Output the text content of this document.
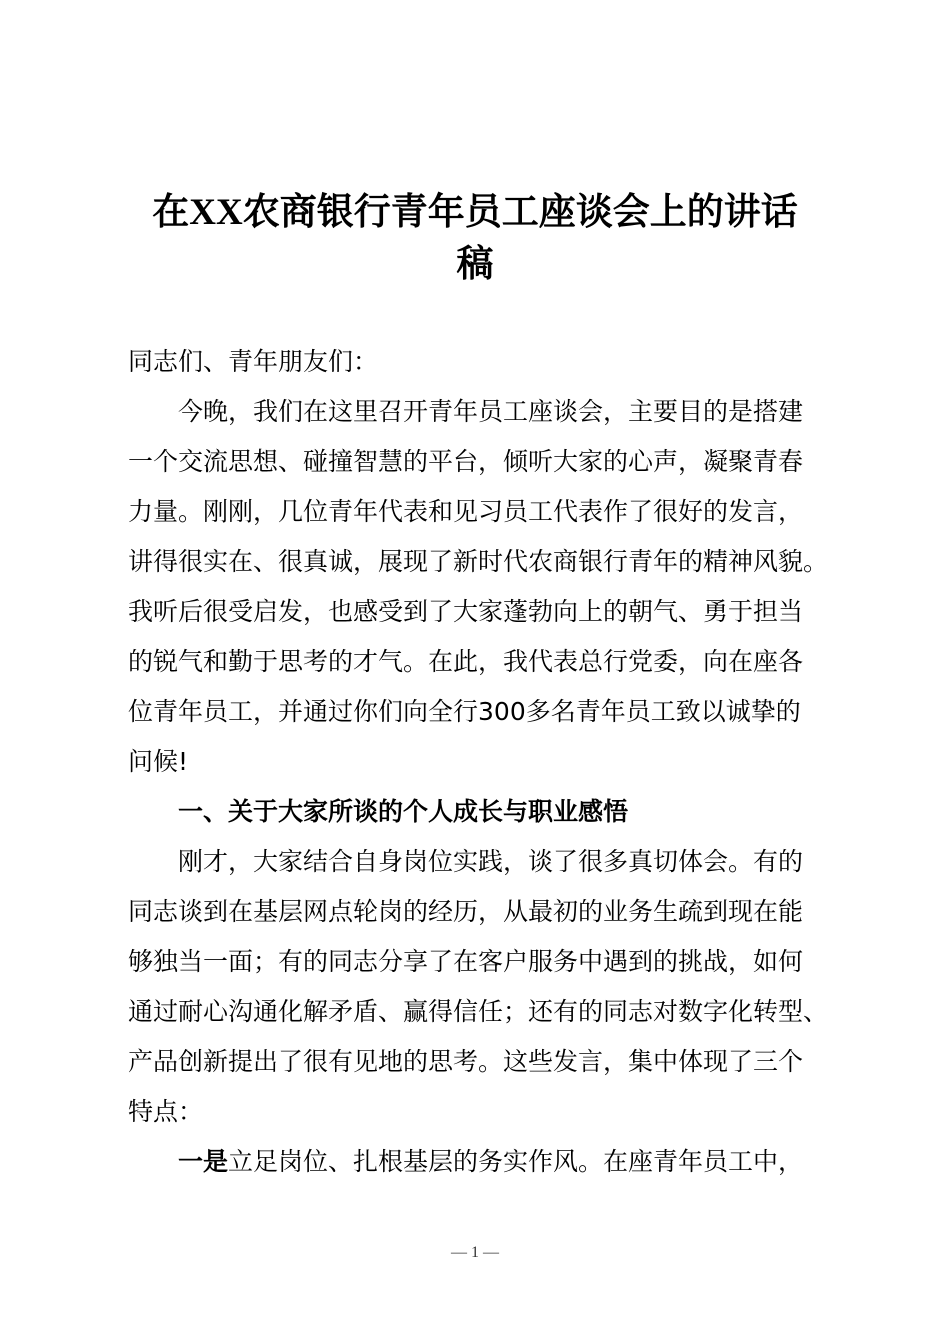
在XX农商银行青年员工座谈会上的讲话
稿
同志们、青年朋友们：
今晚，我们在这里召开青年员工座谈会，主要目的是搭建
一个交流思想、碰撞智慧的平台，倾听大家的心声，凝聚青春
力量。刚刚，几位青年代表和见习员工代表作了很好的发言，
讲得很实在、很真诚，展现了新时代农商银行青年的精神风貌。
我听后很受启发，也感受到了大家蓬勃向上的朝气、勇于担当
的锐气和勤于思考的才气。在此，我代表总行党委，向在座各
位青年员工，并通过你们向全行300多名青年员工致以诚挚的
问候!
一、关于大家所谈的个人成长与职业感悟
刚才，大家结合自身岗位实践，谈了很多真切体会。有的
同志谈到在基层网点轮岗的经历，从最初的业务生疏到现在能
够独当一面；有的同志分享了在客户服务中遇到的挑战，如何
通过耐心沟通化解矛盾、赢得信任；还有的同志对数字化转型、
产品创新提出了很有见地的思考。这些发言，集中体现了三个
特点：
一是立足岗位、扎根基层的务实作风。在座青年员工中，
— 1 —
